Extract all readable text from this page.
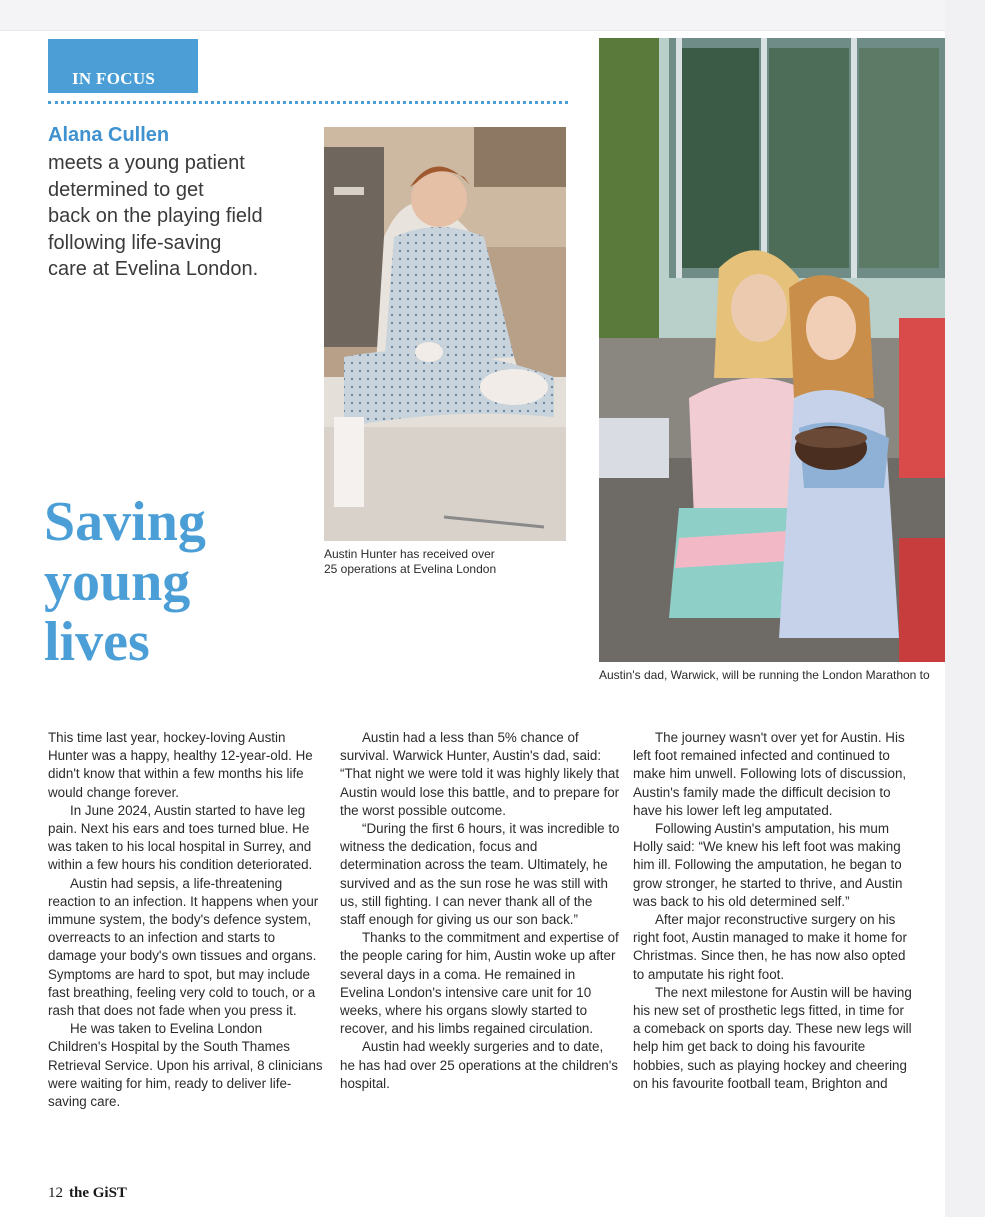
IN FOCUS
Alana Cullen
meets a young patient
determined to get
back on the playing field
following life-saving
care at Evelina London.
Saving
young
lives
Austin Hunter has received over
25 operations at Evelina London
Austin's dad, Warwick, will be running the London Marathon to

This time last year, hockey-loving Austin Hunter was a happy, healthy 12-year-old. He didn't know that within a few months his life would change forever.

In June 2024, Austin started to have leg pain. Next his ears and toes turned blue. He was taken to his local hospital in Surrey, and within a few hours his condition deteriorated.

Austin had sepsis, a life-threatening reaction to an infection. It happens when your immune system, the body's defence system, overreacts to an infection and starts to damage your body's own tissues and organs. Symptoms are hard to spot, but may include fast breathing, feeling very cold to touch, or a rash that does not fade when you press it.

He was taken to Evelina London Children's Hospital by the South Thames Retrieval Service. Upon his arrival, 8 clinicians were waiting for him, ready to deliver life-saving care.

Austin had a less than 5% chance of survival. Warwick Hunter, Austin's dad, said: “That night we were told it was highly likely that Austin would lose this battle, and to prepare for the worst possible outcome.

“During the first 6 hours, it was incredible to witness the dedication, focus and determination across the team. Ultimately, he survived and as the sun rose he was still with us, still fighting. I can never thank all of the staff enough for giving us our son back.”

Thanks to the commitment and expertise of the people caring for him, Austin woke up after several days in a coma. He remained in Evelina London's intensive care unit for 10 weeks, where his organs slowly started to recover, and his limbs regained circulation.

Austin had weekly surgeries and to date, he has had over 25 operations at the children's hospital.

The journey wasn't over yet for Austin. His left foot remained infected and continued to make him unwell. Following lots of discussion, Austin's family made the difficult decision to have his lower left leg amputated.

Following Austin's amputation, his mum Holly said: “We knew his left foot was making him ill. Following the amputation, he began to grow stronger, he started to thrive, and Austin was back to his old determined self.”

After major reconstructive surgery on his right foot, Austin managed to make it home for Christmas. Since then, he has now also opted to amputate his right foot.

The next milestone for Austin will be having his new set of prosthetic legs fitted, in time for a comeback on sports day. These new legs will help him get back to doing his favourite hobbies, such as playing hockey and cheering on his favourite football team, Brighton and

12 the GiST
